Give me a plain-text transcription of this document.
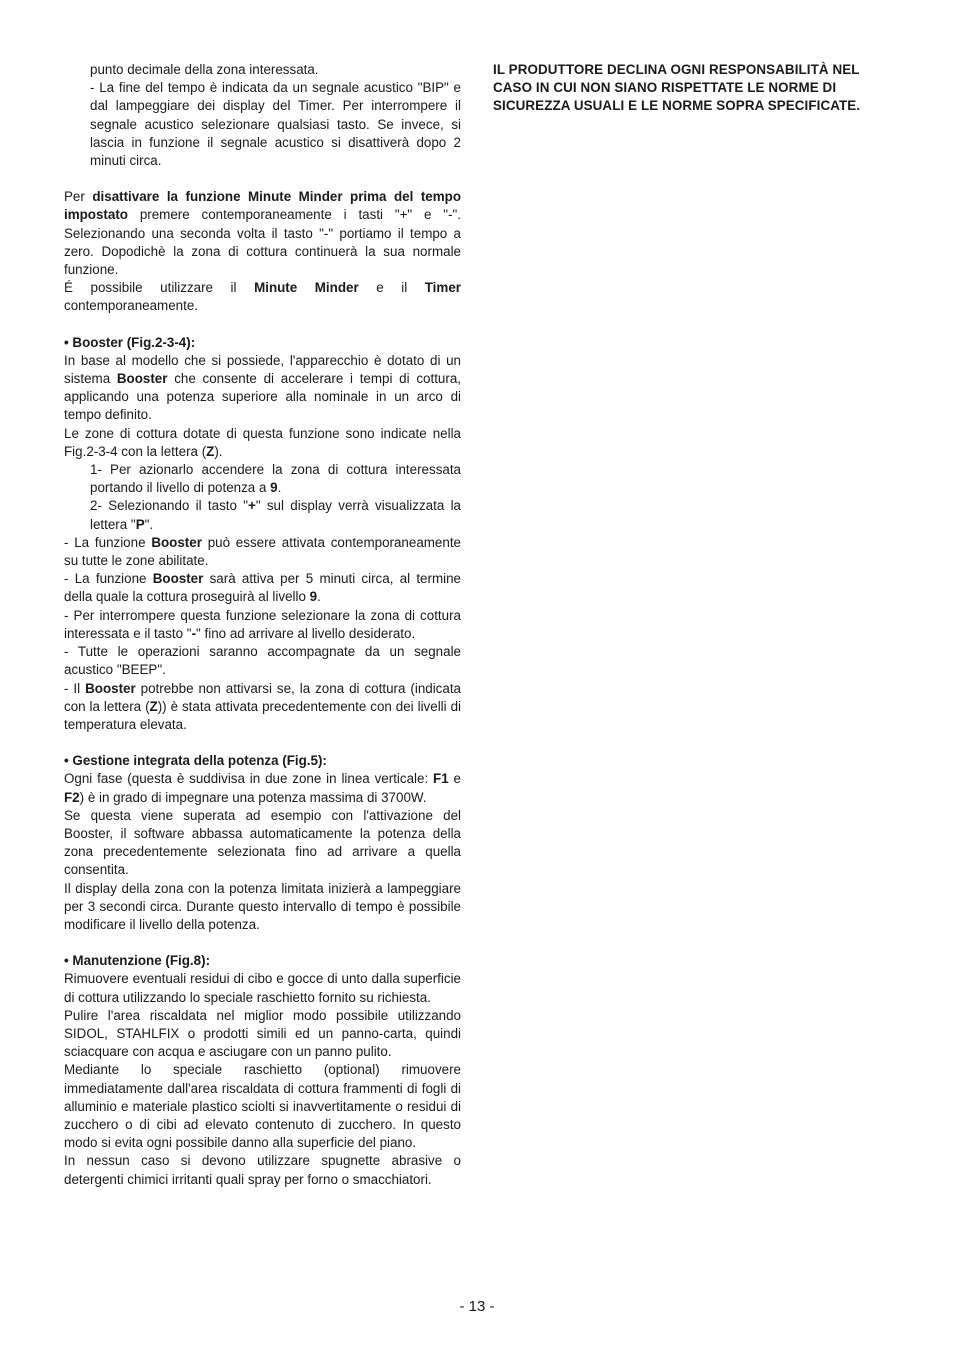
punto decimale della zona interessata.

- La fine del tempo è indicata da un segnale acustico "BIP" e dal lampeggiare dei display del Timer. Per interrompere il segnale acustico selezionare qualsiasi tasto. Se invece, si lascia in funzione il segnale acustico si disattiverà dopo 2 minuti circa.

Per disattivare la funzione Minute Minder prima del tempo impostato premere contemporaneamente i tasti "+" e "-". Selezionando una seconda volta il tasto "-" portiamo il tempo a zero. Dopodichè la zona di cottura continuerà la sua normale funzione.

É possibile utilizzare il Minute Minder e il Timer contemporaneamente.

• Booster (Fig.2-3-4):

In base al modello che si possiede, l'apparecchio è dotato di un sistema Booster che consente di accelerare i tempi di cottura, applicando una potenza superiore alla nominale in un arco di tempo definito.

Le zone di cottura dotate di questa funzione sono indicate nella Fig.2-3-4 con la lettera (Z).

1- Per azionarlo accendere la zona di cottura interessata portando il livello di potenza a 9.

2- Selezionando il tasto "+" sul display verrà visualizzata la lettera "P".

- La funzione Booster può essere attivata contemporaneamente su tutte le zone abilitate.

- La funzione Booster sarà attiva per 5 minuti circa, al termine della quale la cottura proseguirà al livello 9.

- Per interrompere questa funzione selezionare la zona di cottura interessata e il tasto "-" fino ad arrivare al livello desiderato.

- Tutte le operazioni saranno accompagnate da un segnale acustico "BEEP".

- Il Booster potrebbe non attivarsi se, la zona di cottura (indicata con la lettera (Z)) è stata attivata precedentemente con dei livelli di temperatura elevata.

• Gestione integrata della potenza (Fig.5):

Ogni fase (questa è suddivisa in due zone in linea verticale: F1 e F2) è in grado di impegnare una potenza massima di 3700W.

Se questa viene superata ad esempio con l'attivazione del Booster, il software abbassa automaticamente la potenza della zona precedentemente selezionata fino ad arrivare a quella consentita.

Il display della zona con la potenza limitata inizierà a lampeggiare per 3 secondi circa. Durante questo intervallo di tempo è possibile modificare il livello della potenza.

• Manutenzione (Fig.8):

Rimuovere eventuali residui di cibo e gocce di unto dalla superficie di cottura utilizzando lo speciale raschietto fornito su richiesta.

Pulire l'area riscaldata nel miglior modo possibile utilizzando SIDOL, STAHLFIX o prodotti simili ed un panno-carta, quindi sciacquare con acqua e asciugare con un panno pulito.

Mediante lo speciale raschietto (optional) rimuovere immediatamente dall'area riscaldata di cottura frammenti di fogli di alluminio e materiale plastico sciolti si inavvertitamente o residui di zucchero o di cibi ad elevato contenuto di zucchero. In questo modo si evita ogni possibile danno alla superficie del piano.

In nessun caso si devono utilizzare spugnette abrasive o detergenti chimici irritanti quali spray per forno o smacchiatori.

IL PRODUTTORE DECLINA OGNI RESPONSABILITÀ NEL CASO IN CUI NON SIANO RISPETTATE LE NORME DI SICUREZZA USUALI E LE NORME SOPRA SPECIFICATE.

- 13 -
